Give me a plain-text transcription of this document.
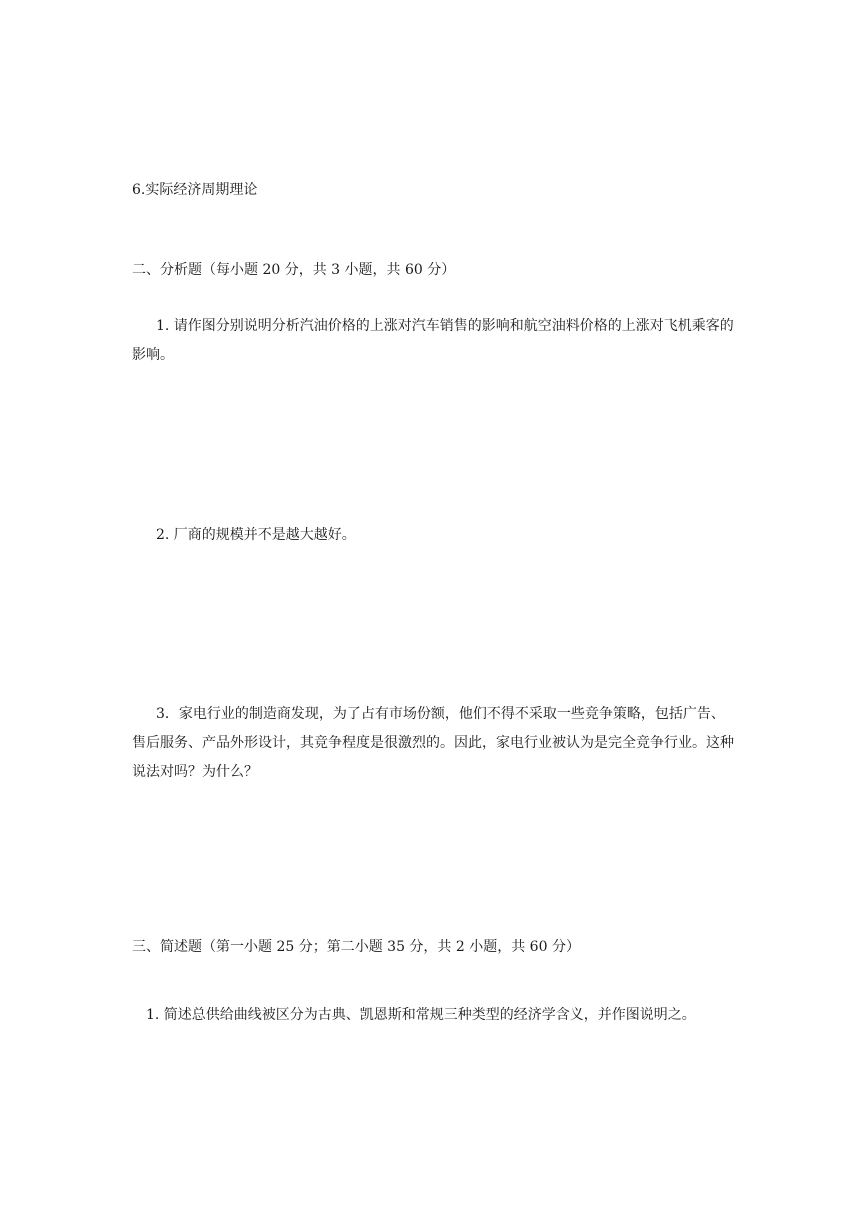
6.实际经济周期理论
二、分析题（每小题 20 分，共 3 小题，共 60 分）
1. 请作图分别说明分析汽油价格的上涨对汽车销售的影响和航空油料价格的上涨对飞机乘客的影响。
2. 厂商的规模并不是越大越好。
3．家电行业的制造商发现，为了占有市场份额，他们不得不采取一些竞争策略，包括广告、售后服务、产品外形设计，其竞争程度是很激烈的。因此，家电行业被认为是完全竞争行业。这种说法对吗？为什么？
三、简述题（第一小题 25 分；第二小题 35 分，共 2 小题，共 60 分）
1. 简述总供给曲线被区分为古典、凯恩斯和常规三种类型的经济学含义，并作图说明之。
